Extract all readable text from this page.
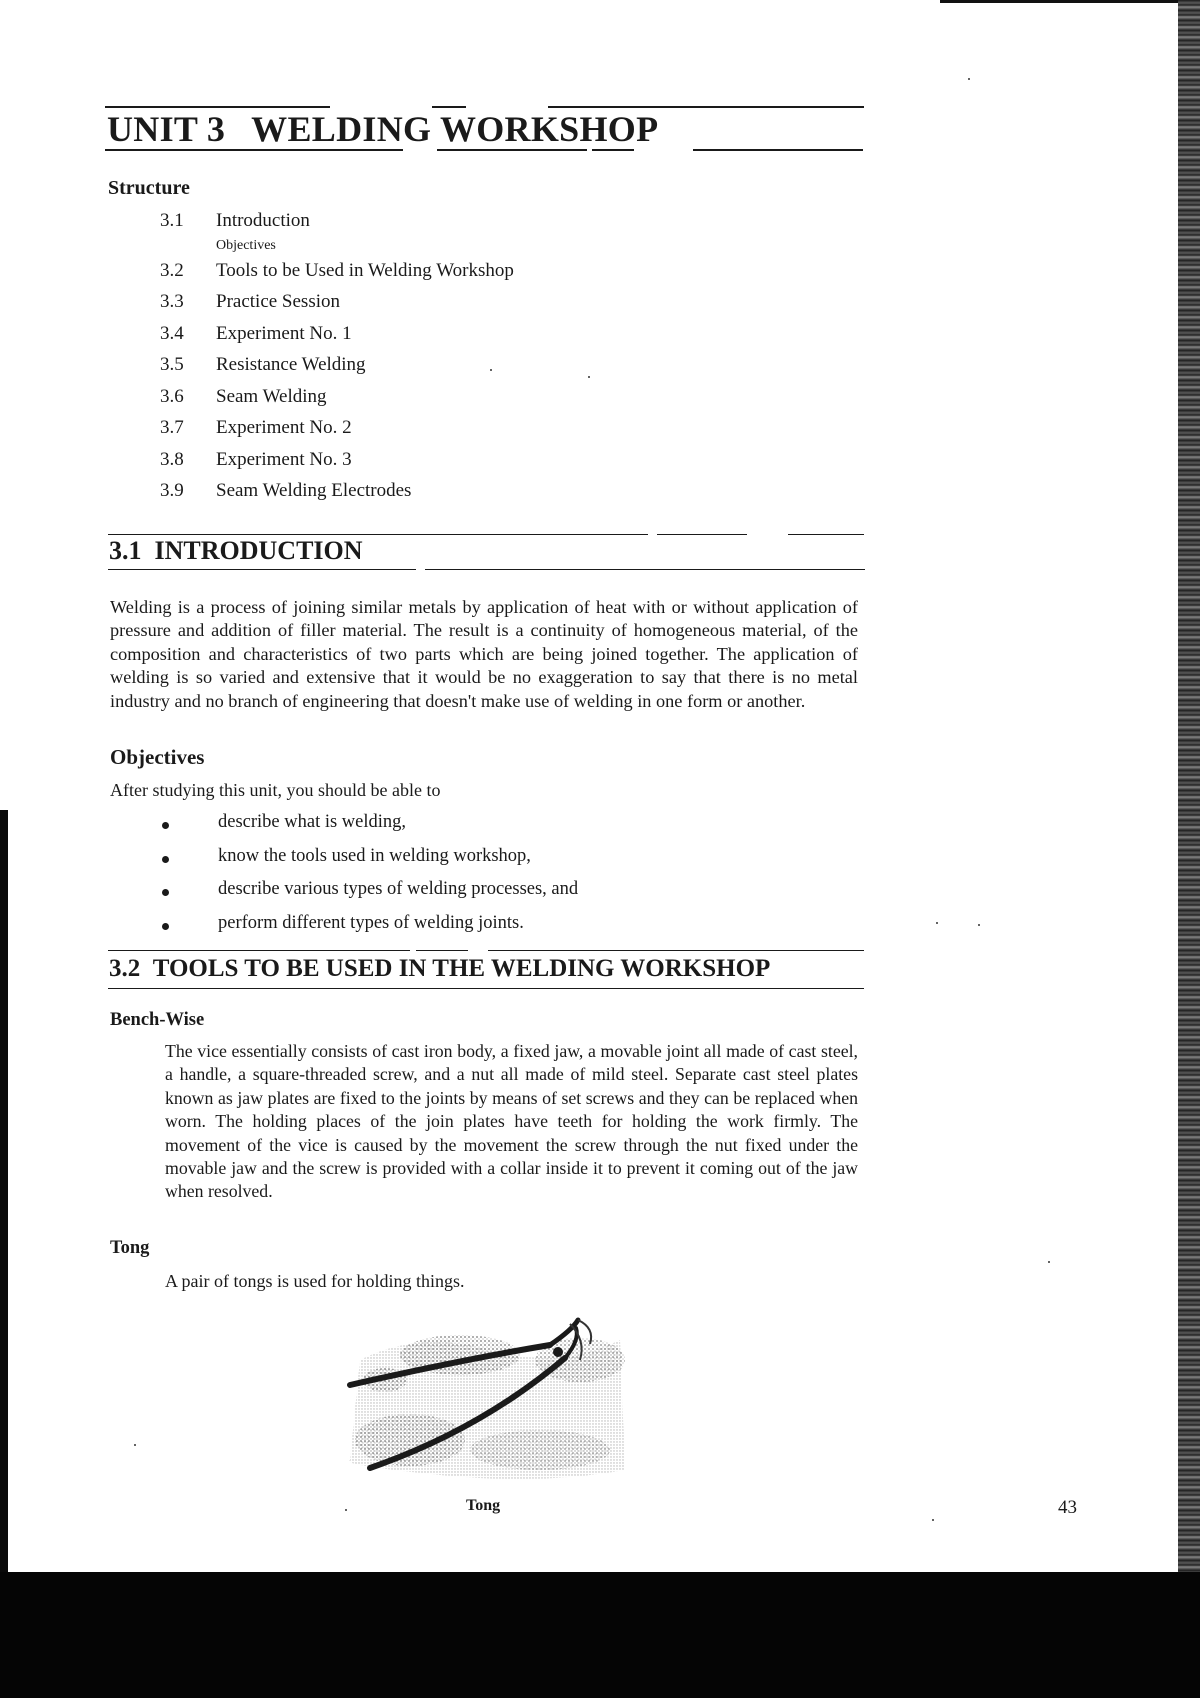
UNIT 3 WELDING WORKSHOP
Structure
3.1 Introduction
Objectives
3.2 Tools to be Used in Welding Workshop
3.3 Practice Session
3.4 Experiment No. 1
3.5 Resistance Welding
3.6 Seam Welding
3.7 Experiment No. 2
3.8 Experiment No. 3
3.9 Seam Welding Electrodes
3.1 INTRODUCTION
Welding is a process of joining similar metals by application of heat with or without application of pressure and addition of filler material. The result is a continuity of homogeneous material, of the composition and characteristics of two parts which are being joined together. The application of welding is so varied and extensive that it would be no exaggeration to say that there is no metal industry and no branch of engineering that doesn't make use of welding in one form or another.
Objectives
After studying this unit, you should be able to
describe what is welding,
know the tools used in welding workshop,
describe various types of welding processes, and
perform different types of welding joints.
3.2 TOOLS TO BE USED IN THE WELDING WORKSHOP
Bench-Wise
The vice essentially consists of cast iron body, a fixed jaw, a movable joint all made of cast steel, a handle, a square-threaded screw, and a nut all made of mild steel. Separate cast steel plates known as jaw plates are fixed to the joints by means of set screws and they can be replaced when worn. The holding places of the join plates have teeth for holding the work firmly. The movement of the vice is caused by the movement the screw through the nut fixed under the movable jaw and the screw is provided with a collar inside it to prevent it coming out of the jaw when resolved.
Tong
A pair of tongs is used for holding things.
Tong	43
